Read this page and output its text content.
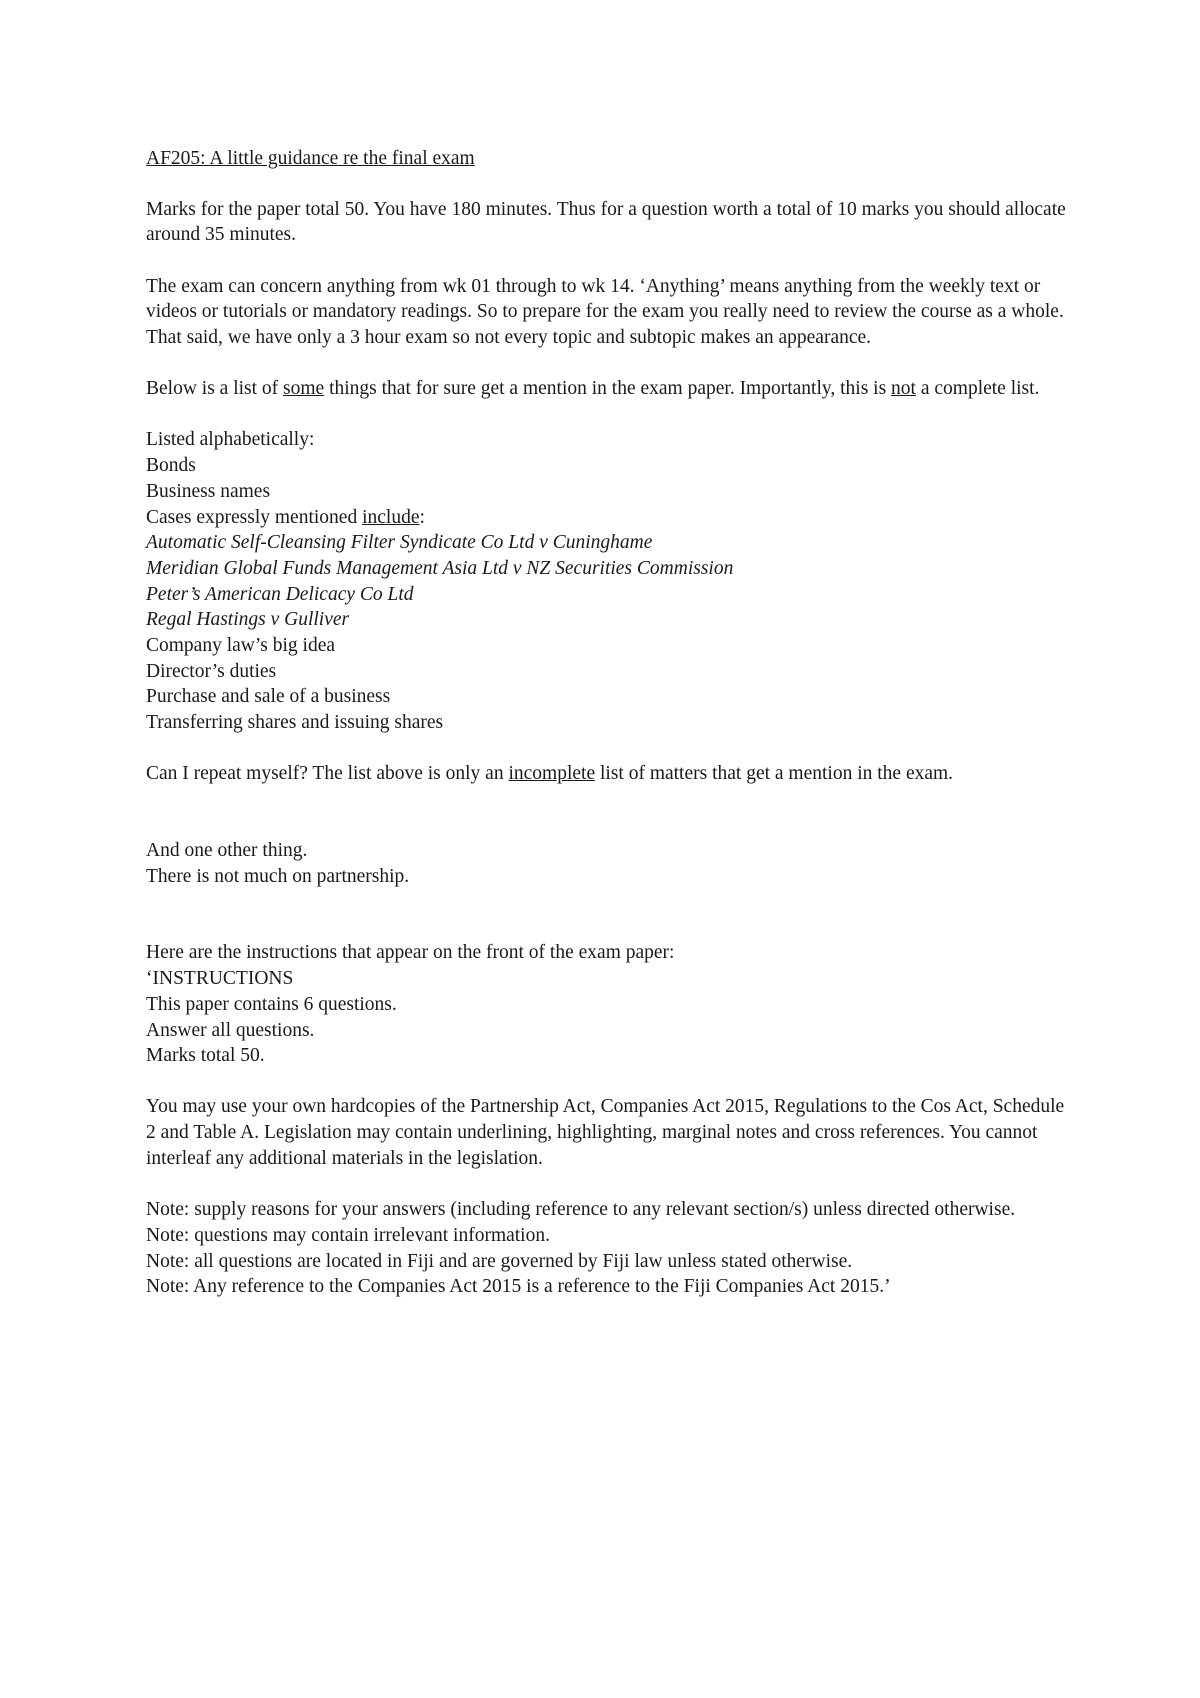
AF205: A little guidance re the final exam

Marks for the paper total 50. You have 180 minutes. Thus for a question worth a total of 10 marks you should allocate around 35 minutes.

The exam can concern anything from wk 01 through to wk 14. ‘Anything’ means anything from the weekly text or videos or tutorials or mandatory readings. So to prepare for the exam you really need to review the course as a whole. That said, we have only a 3 hour exam so not every topic and subtopic makes an appearance.

Below is a list of some things that for sure get a mention in the exam paper. Importantly, this is not a complete list.

Listed alphabetically:
Bonds
Business names
Cases expressly mentioned include:
Automatic Self-Cleansing Filter Syndicate Co Ltd v Cuninghame
Meridian Global Funds Management Asia Ltd v NZ Securities Commission
Peter’s American Delicacy Co Ltd
Regal Hastings v Gulliver
Company law’s big idea
Director’s duties
Purchase and sale of a business
Transferring shares and issuing shares

Can I repeat myself? The list above is only an incomplete list of matters that get a mention in the exam.

And one other thing.
There is not much on partnership.
Here are the instructions that appear on the front of the exam paper:
‘INSTRUCTIONS
This paper contains 6 questions.
Answer all questions.
Marks total 50.

You may use your own hardcopies of the Partnership Act, Companies Act 2015, Regulations to the Cos Act, Schedule 2 and Table A. Legislation may contain underlining, highlighting, marginal notes and cross references. You cannot interleaf any additional materials in the legislation.

Note: supply reasons for your answers (including reference to any relevant section/s) unless directed otherwise.
Note: questions may contain irrelevant information.
Note: all questions are located in Fiji and are governed by Fiji law unless stated otherwise.
Note: Any reference to the Companies Act 2015 is a reference to the Fiji Companies Act 2015.’
